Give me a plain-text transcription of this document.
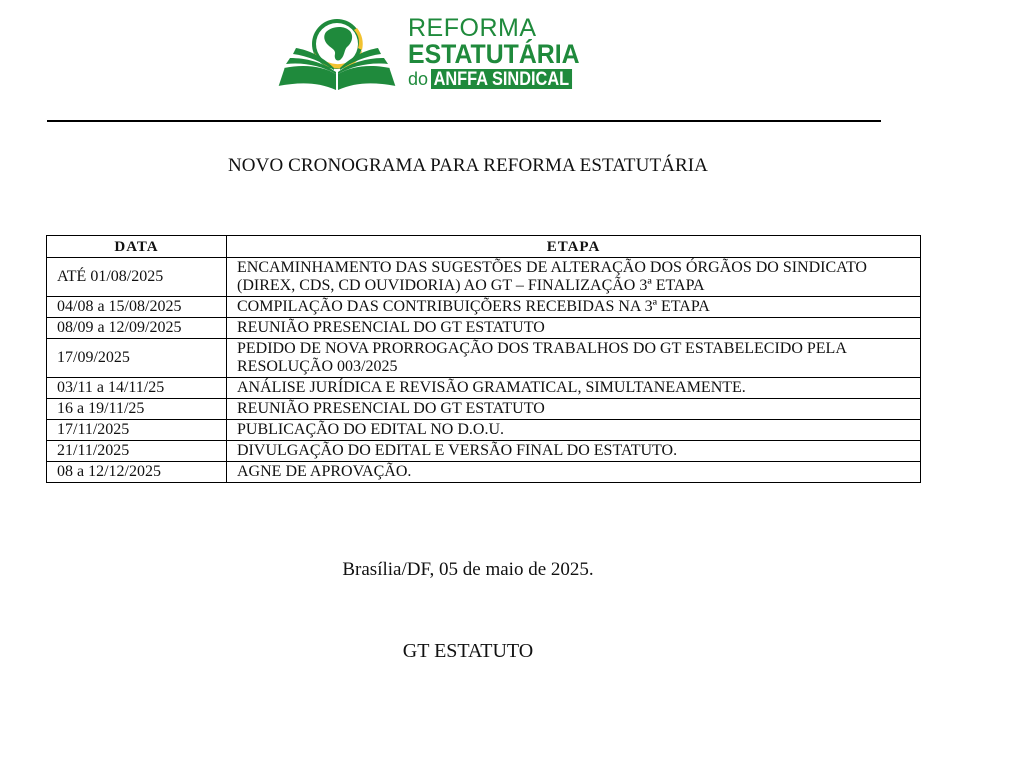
REFORMA
ESTATUTÁRIA
do ANFFA SINDICAL
NOVO CRONOGRAMA PARA REFORMA ESTATUTÁRIA
DATA	ETAPA
ATÉ 01/08/2025	ENCAMINHAMENTO DAS SUGESTÕES DE ALTERAÇÃO DOS ÓRGÃOS DO SINDICATO (DIREX, CDS, CD OUVIDORIA) AO GT – FINALIZAÇÃO 3ª ETAPA
04/08 a 15/08/2025	COMPILAÇÃO DAS CONTRIBUIÇÕERS RECEBIDAS NA 3ª ETAPA
08/09 a 12/09/2025	REUNIÃO PRESENCIAL DO GT ESTATUTO
17/09/2025	PEDIDO DE NOVA PRORROGAÇÃO DOS TRABALHOS DO GT ESTABELECIDO PELA RESOLUÇÃO 003/2025
03/11 a 14/11/25	ANÁLISE JURÍDICA E REVISÃO GRAMATICAL, SIMULTANEAMENTE.
16 a 19/11/25	REUNIÃO PRESENCIAL DO GT ESTATUTO
17/11/2025	PUBLICAÇÃO DO EDITAL NO D.O.U.
21/11/2025	DIVULGAÇÃO DO EDITAL E VERSÃO FINAL DO ESTATUTO.
08 a 12/12/2025	AGNE DE APROVAÇÃO.
Brasília/DF, 05 de maio de 2025.
GT ESTATUTO
